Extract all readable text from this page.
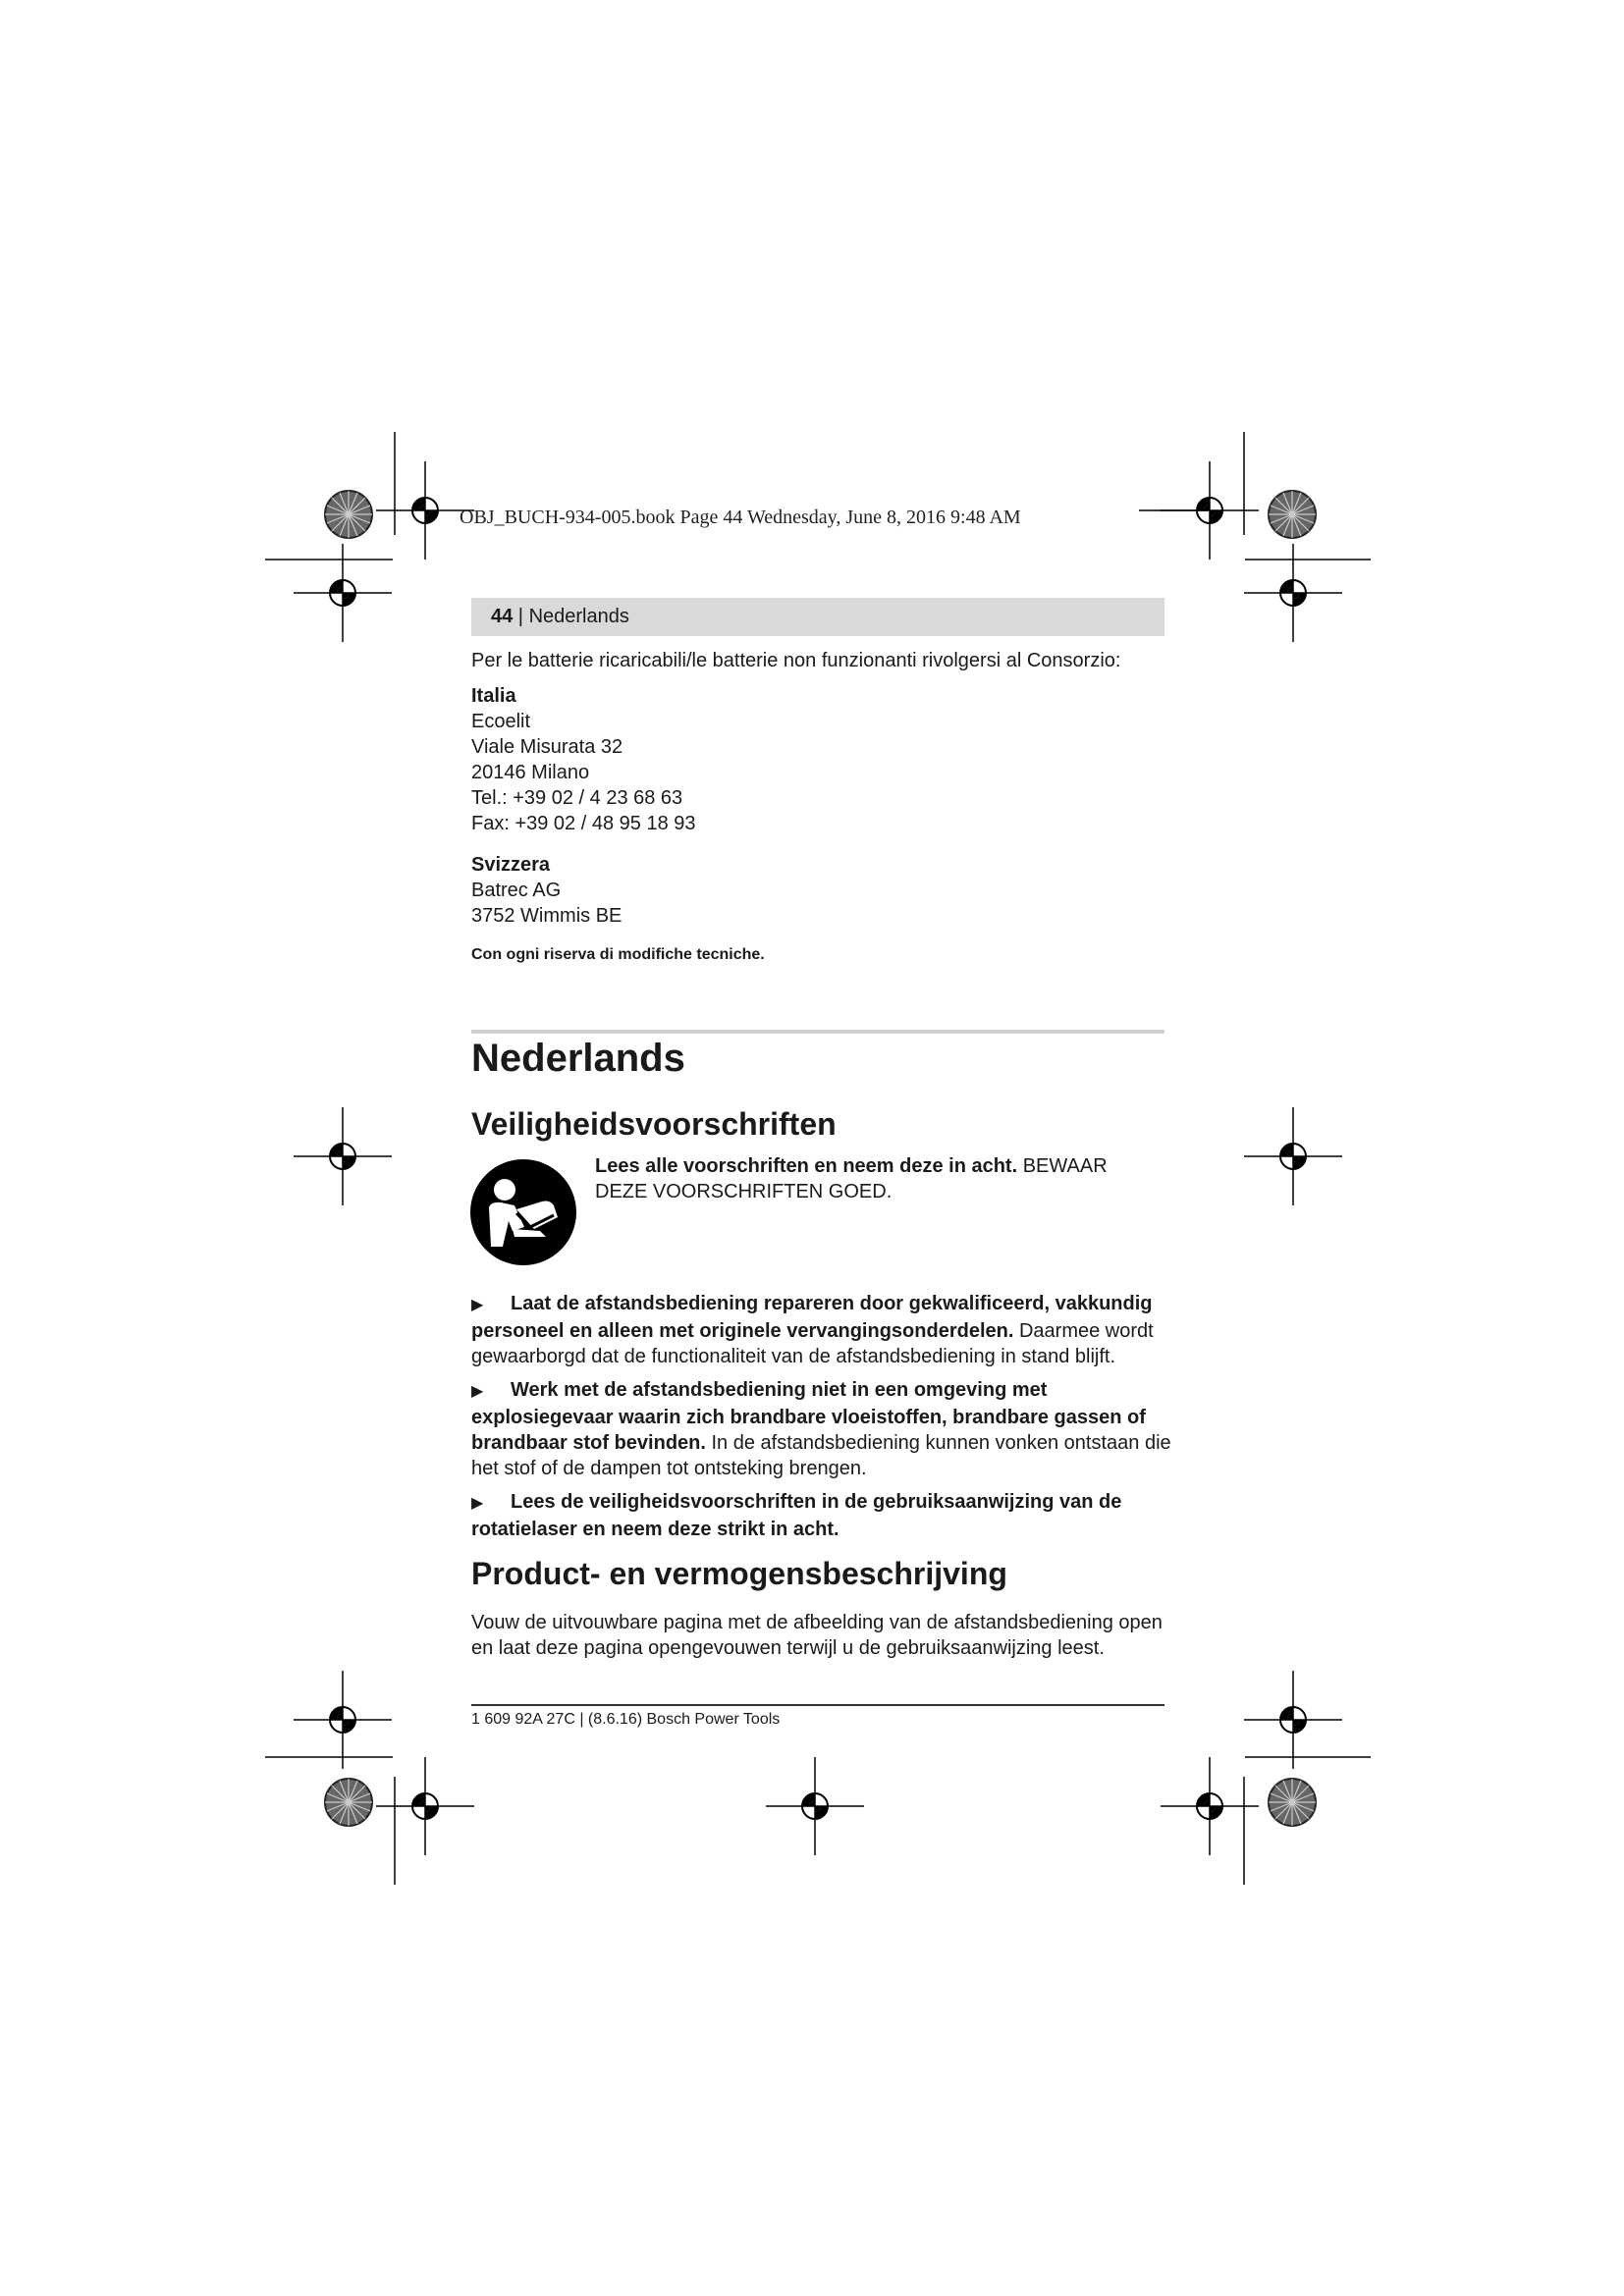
OBJ_BUCH-934-005.book Page 44 Wednesday, June 8, 2016 9:48 AM
44 | Nederlands
Per le batterie ricaricabili/le batterie non funzionanti rivolgersi al Consorzio:
Italia
Ecoelit
Viale Misurata 32
20146 Milano
Tel.: +39 02 / 4 23 68 63
Fax: +39 02 / 48 95 18 93
Svizzera
Batrec AG
3752 Wimmis BE
Con ogni riserva di modifiche tecniche.
Nederlands
Veiligheidsvoorschriften
Lees alle voorschriften en neem deze in acht. BEWAAR DEZE VOORSCHRIFTEN GOED.
▶ Laat de afstandsbediening repareren door gekwalificeerd, vakkundig personeel en alleen met originele vervangingsonderdelen. Daarmee wordt gewaarborgd dat de functionaliteit van de afstandsbediening in stand blijft.
▶ Werk met de afstandsbediening niet in een omgeving met explosiegevaar waarin zich brandbare vloeistoffen, brandbare gassen of brandbaar stof bevinden. In de afstandsbediening kunnen vonken ontstaan die het stof of de dampen tot ontsteking brengen.
▶ Lees de veiligheidsvoorschriften in de gebruiksaanwijzing van de rotatielaser en neem deze strikt in acht.
Product- en vermogensbeschrijving
Vouw de uitvouwbare pagina met de afbeelding van de afstandsbediening open en laat deze pagina opengevouwen terwijl u de gebruiksaanwijzing leest.
1 609 92A 27C | (8.6.16) Bosch Power Tools
